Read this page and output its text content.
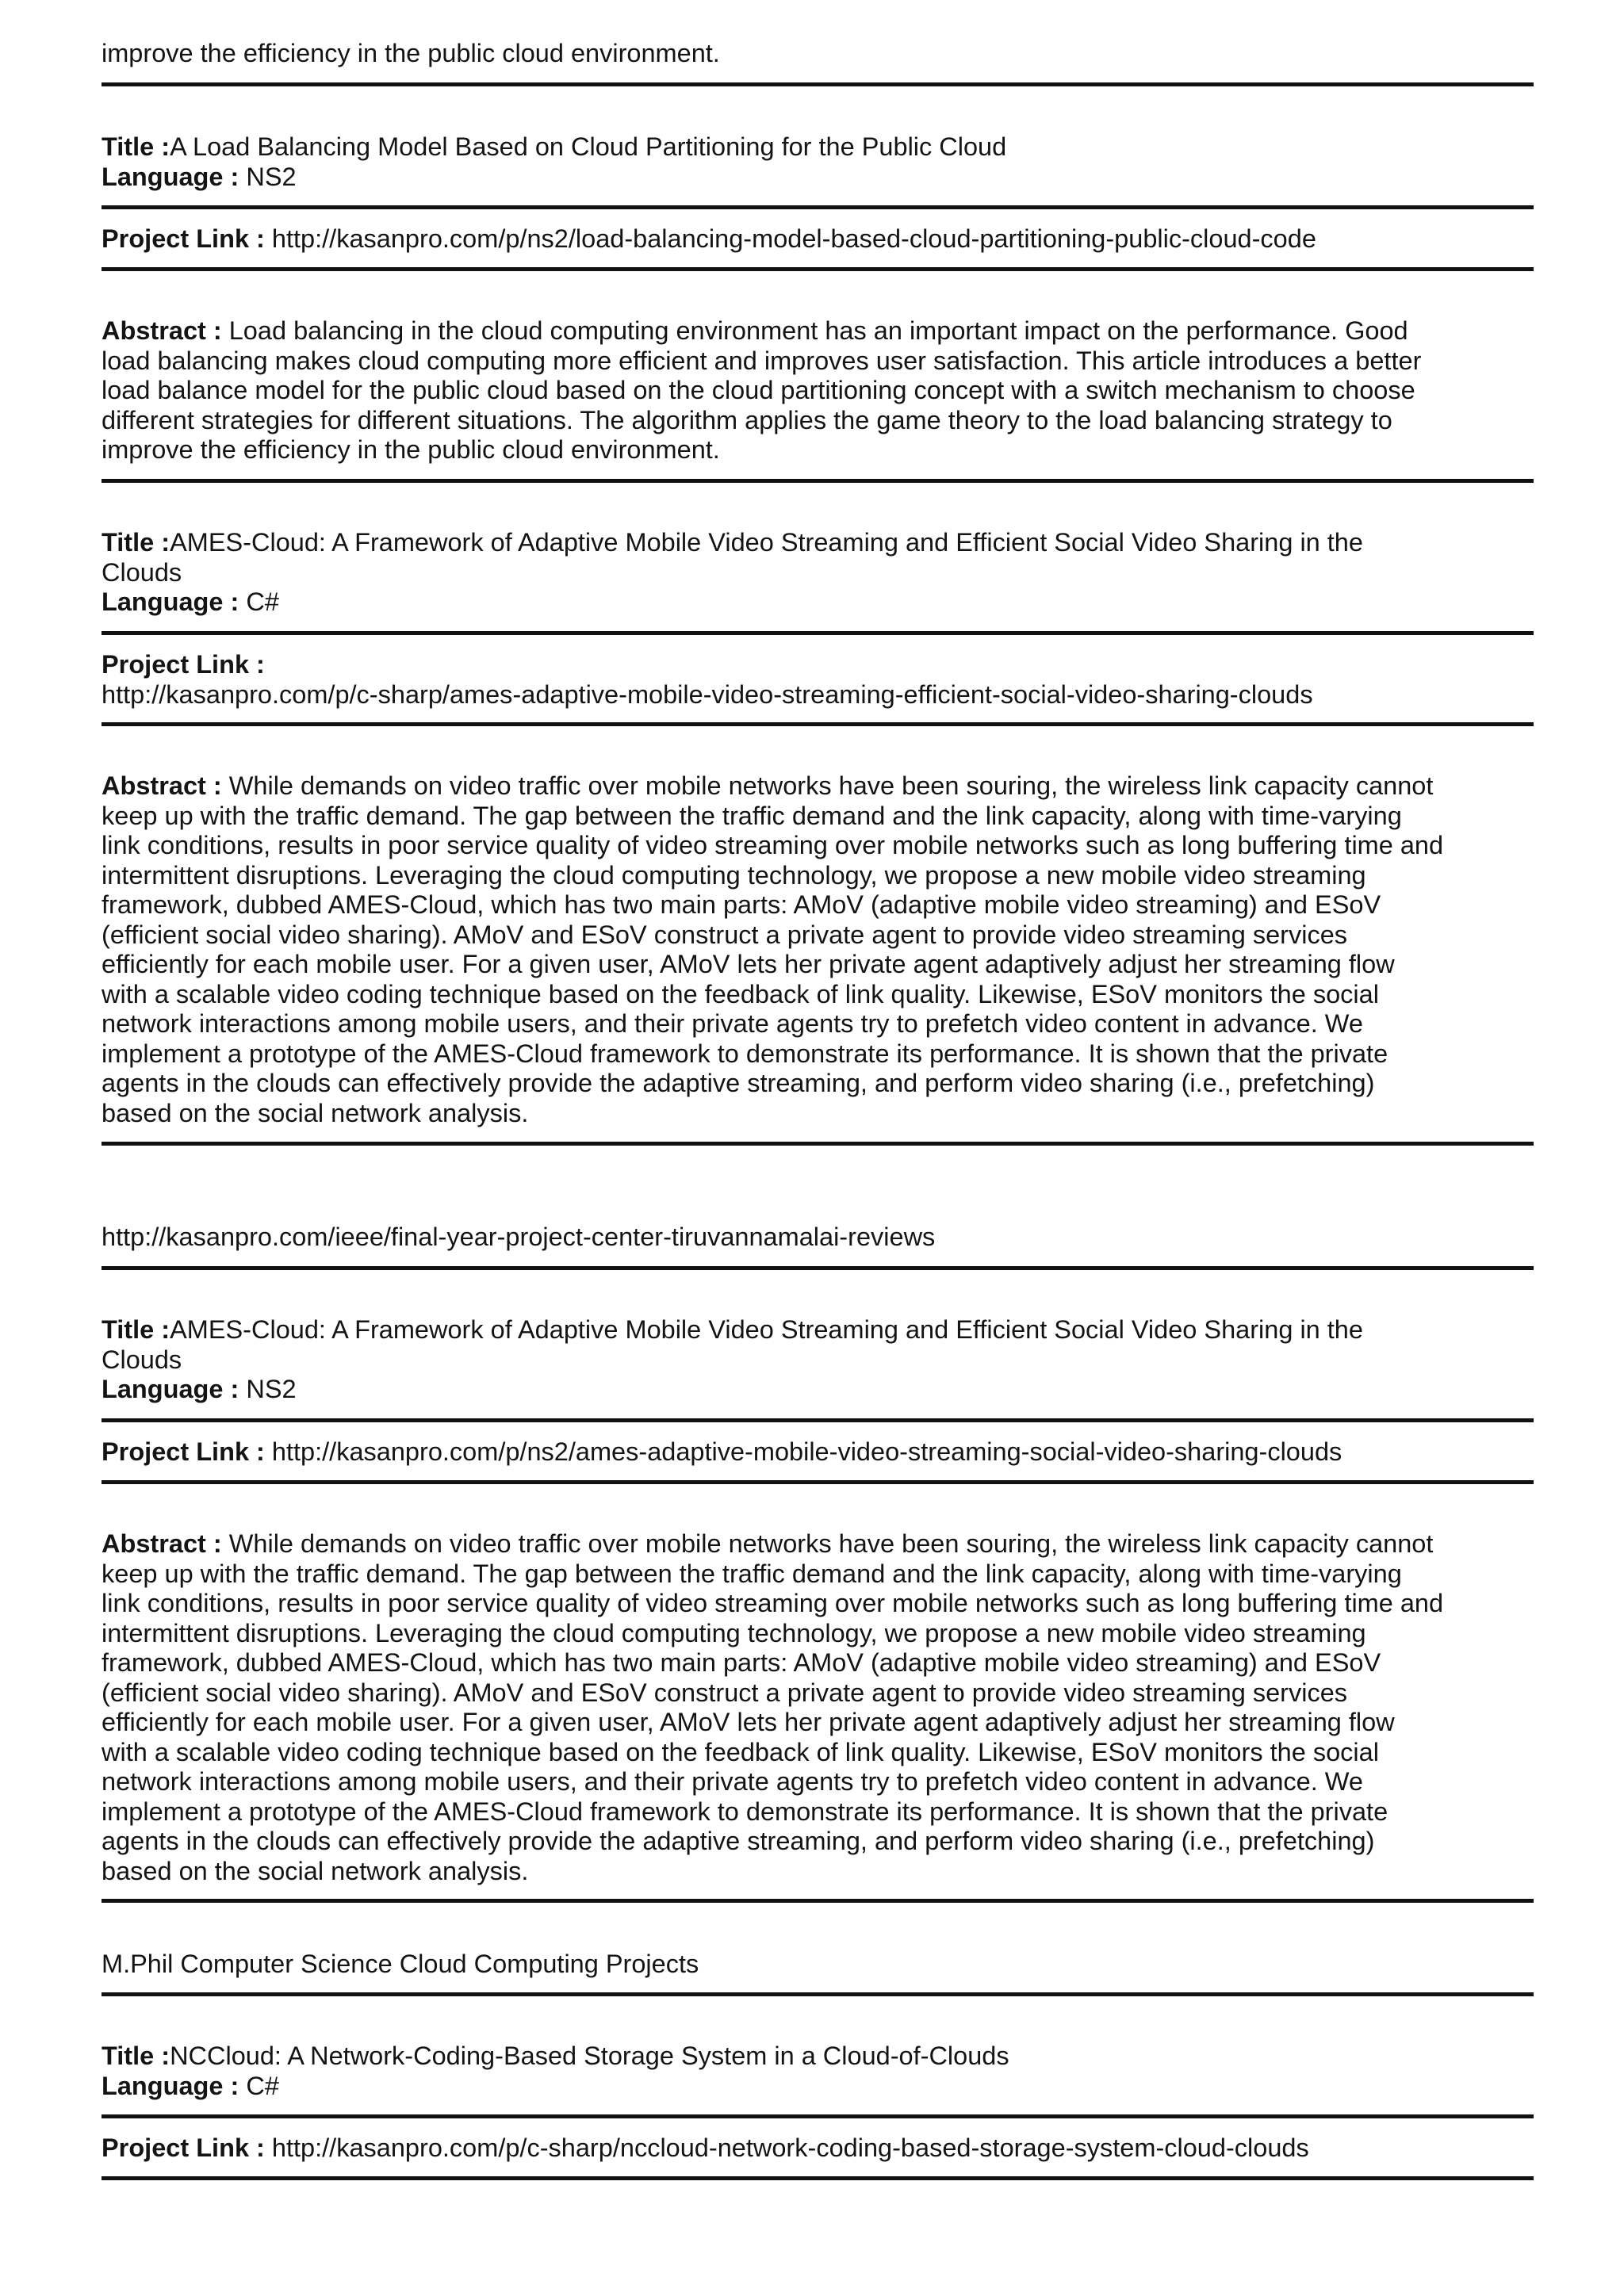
improve the efficiency in the public cloud environment.

Title :A Load Balancing Model Based on Cloud Partitioning for the Public Cloud

Language : NS2

Project Link : http://kasanpro.com/p/ns2/load-balancing-model-based-cloud-partitioning-public-cloud-code

Abstract : Load balancing in the cloud computing environment has an important impact on the performance. Good

load balancing makes cloud computing more efficient and improves user satisfaction. This article introduces a better

load balance model for the public cloud based on the cloud partitioning concept with a switch mechanism to choose

different strategies for different situations. The algorithm applies the game theory to the load balancing strategy to

improve the efficiency in the public cloud environment.

Title :AMES-Cloud: A Framework of Adaptive Mobile Video Streaming and Efficient Social Video Sharing in the

Clouds

Language : C#

Project Link :

http://kasanpro.com/p/c-sharp/ames-adaptive-mobile-video-streaming-efficient-social-video-sharing-clouds

Abstract : While demands on video traffic over mobile networks have been souring, the wireless link capacity cannot

keep up with the traffic demand. The gap between the traffic demand and the link capacity, along with time-varying

link conditions, results in poor service quality of video streaming over mobile networks such as long buffering time and

intermittent disruptions. Leveraging the cloud computing technology, we propose a new mobile video streaming

framework, dubbed AMES-Cloud, which has two main parts: AMoV (adaptive mobile video streaming) and ESoV

(efficient social video sharing). AMoV and ESoV construct a private agent to provide video streaming services

efficiently for each mobile user. For a given user, AMoV lets her private agent adaptively adjust her streaming flow

with a scalable video coding technique based on the feedback of link quality. Likewise, ESoV monitors the social

network interactions among mobile users, and their private agents try to prefetch video content in advance. We

implement a prototype of the AMES-Cloud framework to demonstrate its performance. It is shown that the private

agents in the clouds can effectively provide the adaptive streaming, and perform video sharing (i.e., prefetching)

based on the social network analysis.

http://kasanpro.com/ieee/final-year-project-center-tiruvannamalai-reviews

Title :AMES-Cloud: A Framework of Adaptive Mobile Video Streaming and Efficient Social Video Sharing in the

Clouds

Language : NS2

Project Link : http://kasanpro.com/p/ns2/ames-adaptive-mobile-video-streaming-social-video-sharing-clouds

Abstract : While demands on video traffic over mobile networks have been souring, the wireless link capacity cannot

keep up with the traffic demand. The gap between the traffic demand and the link capacity, along with time-varying

link conditions, results in poor service quality of video streaming over mobile networks such as long buffering time and

intermittent disruptions. Leveraging the cloud computing technology, we propose a new mobile video streaming

framework, dubbed AMES-Cloud, which has two main parts: AMoV (adaptive mobile video streaming) and ESoV

(efficient social video sharing). AMoV and ESoV construct a private agent to provide video streaming services

efficiently for each mobile user. For a given user, AMoV lets her private agent adaptively adjust her streaming flow

with a scalable video coding technique based on the feedback of link quality. Likewise, ESoV monitors the social

network interactions among mobile users, and their private agents try to prefetch video content in advance. We

implement a prototype of the AMES-Cloud framework to demonstrate its performance. It is shown that the private

agents in the clouds can effectively provide the adaptive streaming, and perform video sharing (i.e., prefetching)

based on the social network analysis.

M.Phil Computer Science Cloud Computing Projects

Title :NCCloud: A Network-Coding-Based Storage System in a Cloud-of-Clouds

Language : C#

Project Link : http://kasanpro.com/p/c-sharp/nccloud-network-coding-based-storage-system-cloud-clouds
